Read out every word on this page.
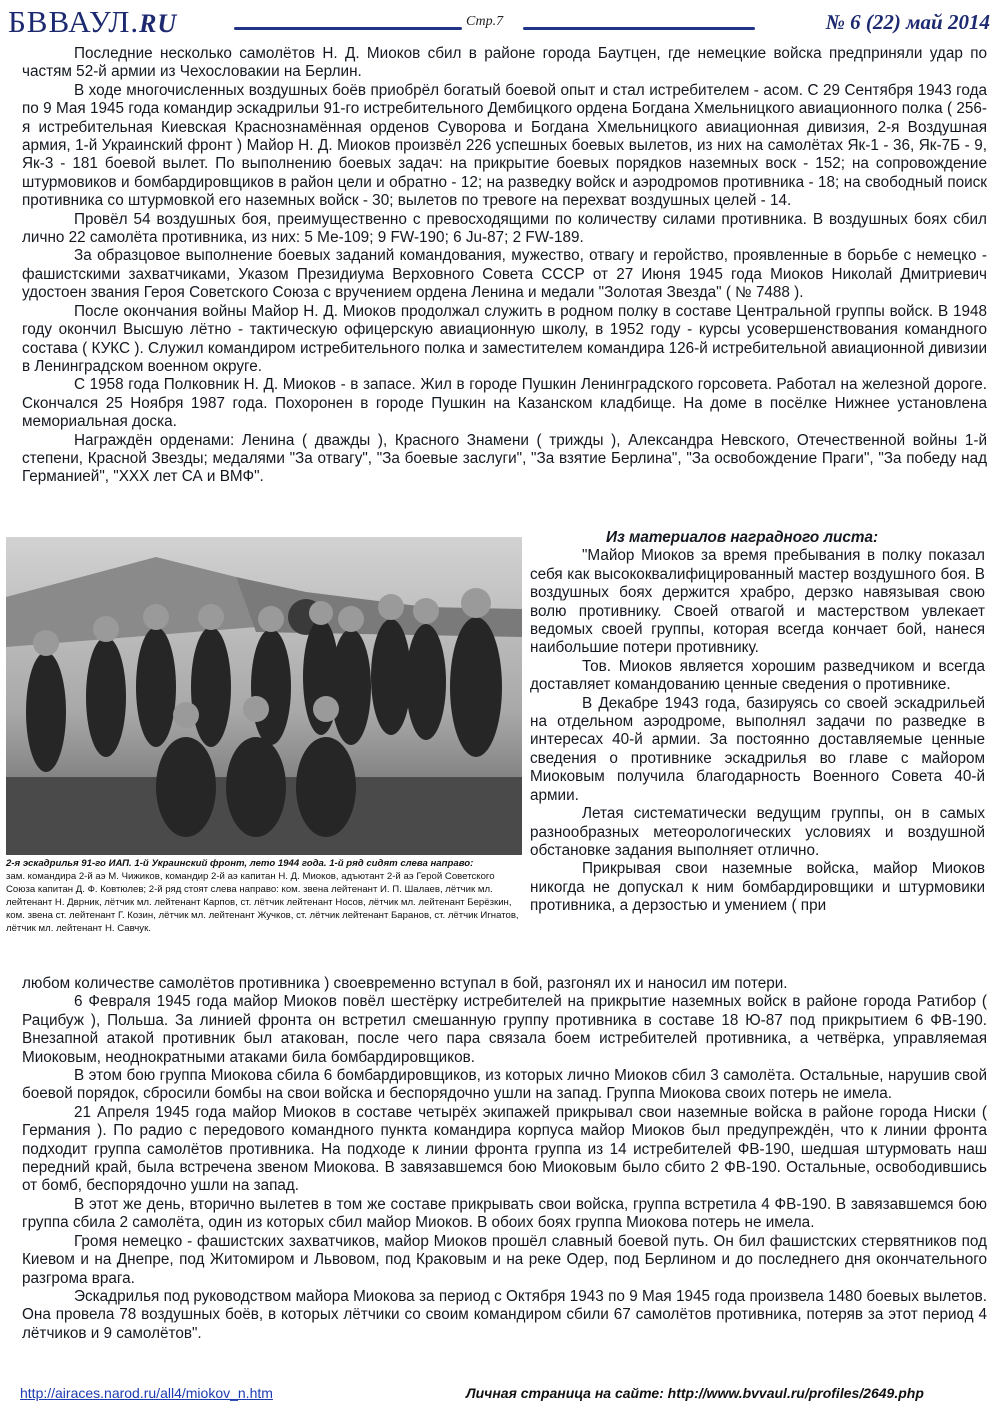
БВВАУЛ.RU	Стр.7	№ 6 (22) май 2014

Последние несколько самолётов Н. Д. Миоков сбил в районе города Баутцен, где немецкие войска предприняли удар по частям 52-й армии из Чехословакии на Берлин.

В ходе многочисленных воздушных боёв приобрёл богатый боевой опыт и стал истребителем - асом. С 29 Сентября 1943 года по 9 Мая 1945 года командир эскадрильи 91-го истребительного Дембицкого ордена Богдана Хмельницкого авиационного полка ( 256-я истребительная Киевская Краснознамённая орденов Суворова и Богдана Хмельницкого авиационная дивизия, 2-я Воздушная армия, 1-й Украинский фронт ) Майор Н. Д. Миоков произвёл 226 успешных боевых вылетов, из них на самолётах Як-1 - 36, Як-7Б - 9, Як-3 - 181 боевой вылет. По выполнению боевых задач: на прикрытие боевых порядков наземных воск - 152; на сопровождение штурмовиков и бомбардировщиков в район цели и обратно - 12; на разведку войск и аэродромов противника - 18; на свободный поиск противника со штурмовкой его наземных войск - 30; вылетов по тревоге на перехват воздушных целей - 14.

Провёл 54 воздушных боя, преимущественно с превосходящими по количеству силами противника. В воздушных боях сбил лично 22 самолёта противника, из них: 5 Ме-109; 9 FW-190; 6 Ju-87; 2 FW-189.

За образцовое выполнение боевых заданий командования, мужество, отвагу и геройство, проявленные в борьбе с немецко - фашистскими захватчиками, Указом Президиума Верховного Совета СССР от 27 Июня 1945 года Миоков Николай Дмитриевич удостоен звания Героя Советского Союза с вручением ордена Ленина и медали "Золотая Звезда" ( № 7488 ).

После окончания войны Майор Н. Д. Миоков продолжал служить в родном полку в составе Центральной группы войск. В 1948 году окончил Высшую лётно - тактическую офицерскую авиационную школу, в 1952 году - курсы усовершенствования командного состава ( КУКС ). Служил командиром истребительного полка и заместителем командира 126-й истребительной авиационной дивизии в Ленинградском военном округе.

С 1958 года Полковник Н. Д. Миоков - в запасе. Жил в городе Пушкин Ленинградского горсовета. Работал на железной дороге. Скончался 25 Ноября 1987 года. Похоронен в городе Пушкин на Казанском кладбище. На доме в посёлке Нижнее установлена мемориальная доска.

Награждён орденами: Ленина ( дважды ), Красного Знамени ( трижды ), Александра Невского, Отечественной войны 1-й степени, Красной Звезды; медалями "За отвагу", "За боевые заслуги", "За взятие Берлина", "За освобождение Праги", "За победу над Германией", "ХХХ лет СА и ВМФ".

2-я эскадрилья 91-го ИАП. 1-й Украинский фронт, лето 1944 года. 1-й ряд сидят слева направо:
зам. командира 2-й аэ М. Чижиков, командир 2-й аэ капитан Н. Д. Миоков, адъютант 2-й аэ Герой Советского Союза капитан Д. Ф. Ковтюлев; 2-й ряд стоят слева направо: ком. звена лейтенант И. П. Шалаев, лётчик мл. лейтенант Н. Дврник, лётчик мл. лейтенант Карпов, ст. лётчик лейтенант Носов, лётчик мл. лейтенант Берёзкин, ком. звена ст. лейтенант Г. Козин, лётчик мл. лейтенант Жучков, ст. лётчик лейтенант Баранов, ст. лётчик Игнатов, лётчик мл. лейтенант Н. Савчук.

Из материалов наградного листа:

"Майор Миоков за время пребывания в полку показал себя как высококвалифицированный мастер воздушного боя. В воздушных боях держится храбро, дерзко навязывая свою волю противнику. Своей отвагой и мастерством увлекает ведомых своей группы, которая всегда кончает бой, нанеся наибольшие потери противнику.

Тов. Миоков является хорошим разведчиком и всегда доставляет командованию ценные сведения о противнике.

В Декабре 1943 года, базируясь со своей эскадрильей на отдельном аэродроме, выполнял задачи по разведке в интересах 40-й армии. За постоянно доставляемые ценные сведения о противнике эскадрилья во главе с майором Миоковым получила благодарность Военного Совета 40-й армии.

Летая систематически ведущим группы, он в самых разнообразных метеорологических условиях и воздушной обстановке задания выполняет отлично.

Прикрывая свои наземные войска, майор Миоков никогда не допускал к ним бомбардировщики и штурмовики противника, а дерзостью и умением ( при

любом количестве самолётов противника ) своевременно вступал в бой, разгонял их и наносил им потери.

6 Февраля 1945 года майор Миоков повёл шестёрку истребителей на прикрытие наземных войск в районе города Ратибор ( Рацибуж ), Польша. За линией фронта он встретил смешанную группу противника в составе 18 Ю-87 под прикрытием 6 ФВ-190. Внезапной атакой противник был атакован, после чего пара связала боем истребителей противника, а четвёрка, управляемая Миоковым, неоднократными атаками била бомбардировщиков.

В этом бою группа Миокова сбила 6 бомбардировщиков, из которых лично Миоков сбил 3 самолёта. Остальные, нарушив свой боевой порядок, сбросили бомбы на свои войска и беспорядочно ушли на запад. Группа Миокова своих потерь не имела.

21 Апреля 1945 года майор Миоков в составе четырёх экипажей прикрывал свои наземные войска в районе города Ниски ( Германия ). По радио с передового командного пункта командира корпуса майор Миоков был предупреждён, что к линии фронта подходит группа самолётов противника. На подходе к линии фронта группа из 14 истребителей ФВ-190, шедшая штурмовать наш передний край, была встречена звеном Миокова. В завязавшемся бою Миоковым было сбито 2 ФВ-190. Остальные, освободившись от бомб, беспорядочно ушли на запад.

В этот же день, вторично вылетев в том же составе прикрывать свои войска, группа встретила 4 ФВ-190. В завязавшемся бою группа сбила 2 самолёта, один из которых сбил майор Миоков. В обоих боях группа Миокова потерь не имела.

Громя немецко - фашистских захватчиков, майор Миоков прошёл славный боевой путь. Он бил фашистских стервятников под Киевом и на Днепре, под Житомиром и Львовом, под Краковым и на реке Одер, под Берлином и до последнего дня окончательного разгрома врага.

Эскадрилья под руководством майора Миокова за период с Октября 1943 по 9 Мая 1945 года произвела 1480 боевых вылетов. Она провела 78 воздушных боёв, в которых лётчики со своим командиром сбили 67 самолётов противника, потеряв за этот период 4 лётчиков и 9 самолётов".

http://airaces.narod.ru/all4/miokov_n.htm	Личная страница на сайте: http://www.bvvaul.ru/profiles/2649.php
